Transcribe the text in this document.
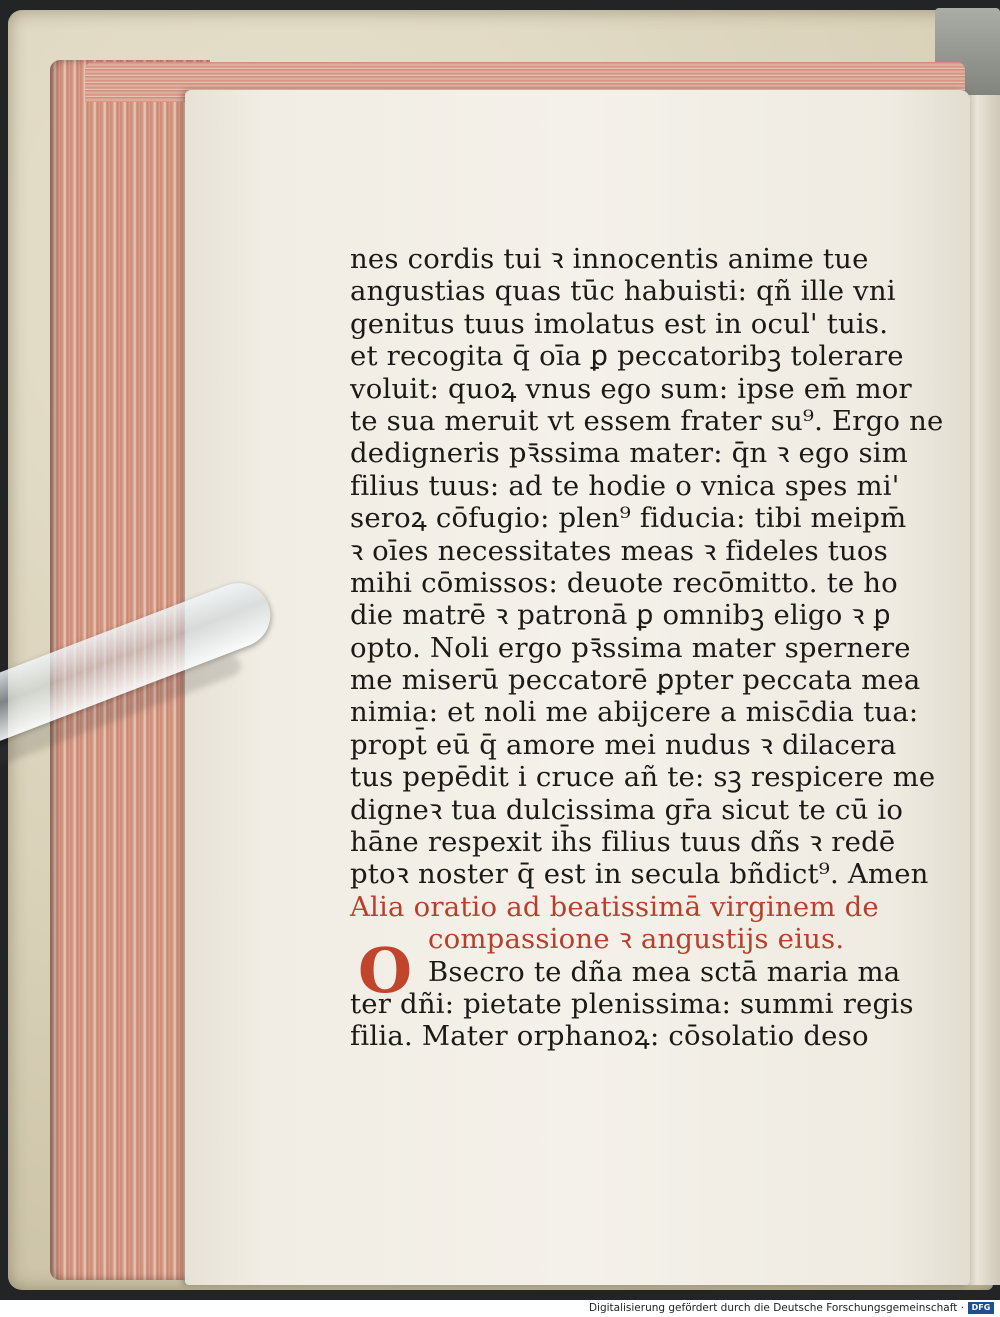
nes cordis tui ꝛ innocentis anime tue
angustias quas tūc habuisti: qñ ille vni
genitus tuus imolatus est in ocul' tuis.
et recogita q̄ oīa ꝑ peccatoribꝫ tolerare
voluit: quoꝝ vnus ego sum: ipse em̄ mor
te sua meruit vt essem frater su⁹. Ergo ne
dedigneris pꝛ̄ssima mater: q̄n ꝛ ego sim
filius tuus: ad te hodie o vnica spes mi'
seroꝝ cōfugio: plen⁹ fiducia: tibi meipm̄
ꝛ oīes necessitates meas ꝛ fideles tuos
mihi cōmissos: deuote recōmitto. te ho
die matrē ꝛ patronā ꝑ omnibꝫ eligo ꝛ ꝑ
opto. Noli ergo pꝛ̄ssima mater spernere
me miserū peccatorē ꝑpter peccata mea
nimia: et noli me abijcere a misc̄dia tua:
propt̄ eū q̄ amore mei nudus ꝛ dilacera
tus pepēdit i cruce añ te: sꝫ respicere me
digneꝛ tua dulcissima gr̄a sicut te cū io
hāne respexit ih̄s filius tuus dñs ꝛ redē
ptoꝛ noster q̄ est in secula bñdict⁹. Amen
Alia oratio ad beatissimā virginem de
compassione ꝛ angustijs eius.
Bsecro te dña mea sctā maria ma
ter dñi: pietate plenissima: summi regis
filia. Mater orphanoꝝ: cōsolatio deso
O
Digitalisierung gefördert durch die Deutsche Forschungsgemeinschaft · DFG
